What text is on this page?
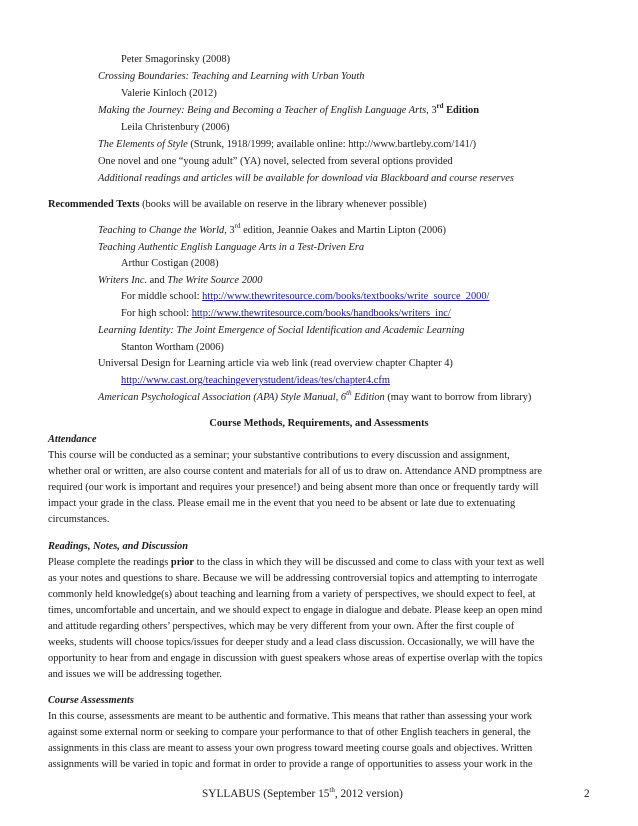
Peter Smagorinsky (2008)
Crossing Boundaries: Teaching and Learning with Urban Youth
Valerie Kinloch (2012)
Making the Journey: Being and Becoming a Teacher of English Language Arts, 3rd Edition
Leila Christenbury (2006)
The Elements of Style (Strunk, 1918/1999; available online: http://www.bartleby.com/141/)
One novel and one “young adult” (YA) novel, selected from several options provided
Additional readings and articles will be available for download via Blackboard and course reserves
Recommended Texts (books will be available on reserve in the library whenever possible)
Teaching to Change the World, 3rd edition, Jeannie Oakes and Martin Lipton (2006)
Teaching Authentic English Language Arts in a Test-Driven Era
Arthur Costigan (2008)
Writers Inc. and The Write Source 2000
For middle school: http://www.thewritesource.com/books/textbooks/write_source_2000/
For high school: http://www.thewritesource.com/books/handbooks/writers_inc/
Learning Identity: The Joint Emergence of Social Identification and Academic Learning
Stanton Wortham (2006)
Universal Design for Learning article via web link (read overview chapter Chapter 4)
http://www.cast.org/teachingeverystudent/ideas/tes/chapter4.cfm
American Psychological Association (APA) Style Manual, 6th Edition (may want to borrow from library)
Course Methods, Requirements, and Assessments
Attendance
This course will be conducted as a seminar; your substantive contributions to every discussion and assignment,
whether oral or written, are also course content and materials for all of us to draw on. Attendance AND promptness are
required (our work is important and requires your presence!) and being absent more than once or frequently tardy will
impact your grade in the class. Please email me in the event that you need to be absent or late due to extenuating
circumstances.
Readings, Notes, and Discussion
Please complete the readings prior to the class in which they will be discussed and come to class with your text as well
as your notes and questions to share. Because we will be addressing controversial topics and attempting to interrogate
commonly held knowledge(s) about teaching and learning from a variety of perspectives, we should expect to feel, at
times, uncomfortable and uncertain, and we should expect to engage in dialogue and debate. Please keep an open mind
and attitude regarding others’ perspectives, which may be very different from your own. After the first couple of
weeks, students will choose topics/issues for deeper study and a lead class discussion. Occasionally, we will have the
opportunity to hear from and engage in discussion with guest speakers whose areas of expertise overlap with the topics
and issues we will be addressing together.
Course Assessments
In this course, assessments are meant to be authentic and formative. This means that rather than assessing your work
against some external norm or seeking to compare your performance to that of other English teachers in general, the
assignments in this class are meant to assess your own progress toward meeting course goals and objectives. Written
assignments will be varied in topic and format in order to provide a range of opportunities to assess your work in the
SYLLABUS (September 15th, 2012 version)	2
